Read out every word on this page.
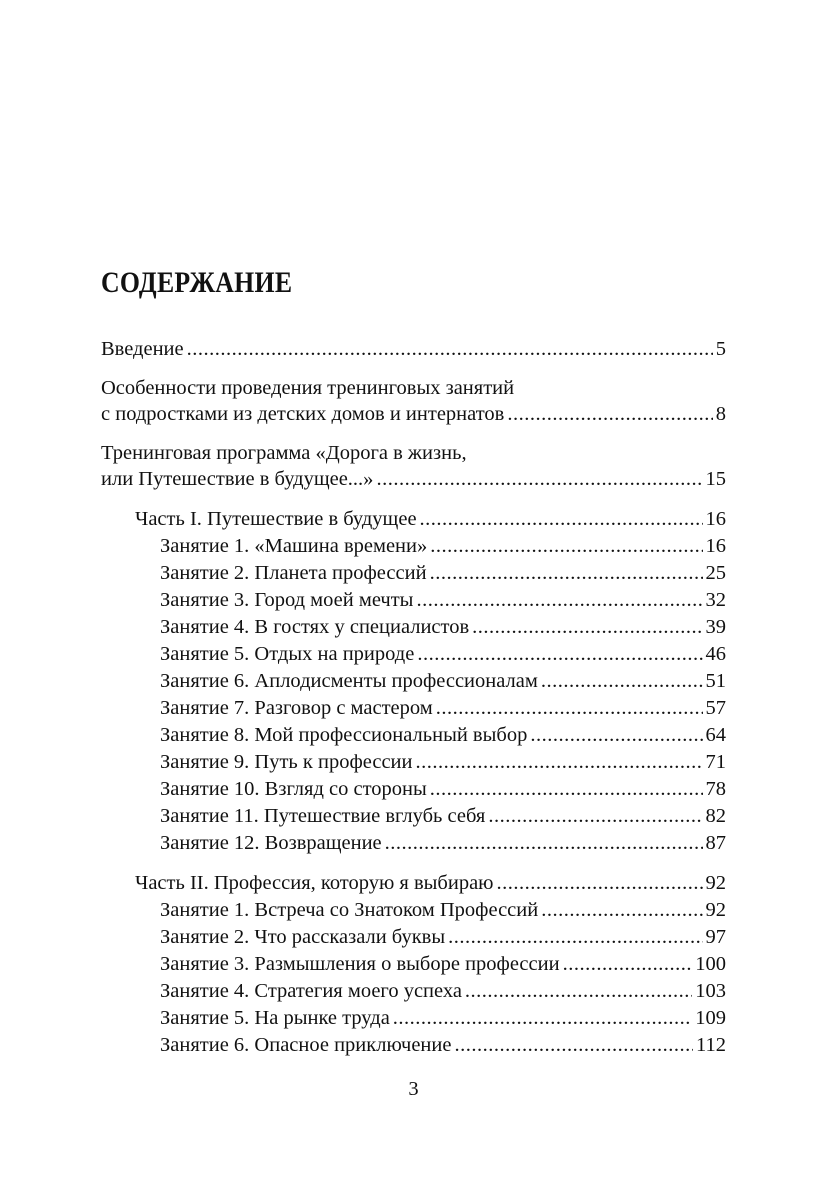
СОДЕРЖАНИЕ
Введение .....	5
Особенности проведения тренинговых занятий
с подростками из детских домов и интернатов .....	8
Тренинговая программа «Дорога в жизнь,
или Путешествие в будущее...» .....	15
Часть I. Путешествие в будущее .....	16
Занятие 1. «Машина времени» .....	16
Занятие 2. Планета профессий .....	25
Занятие 3. Город моей мечты .....	32
Занятие 4. В гостях у специалистов .....	39
Занятие 5. Отдых на природе .....	46
Занятие 6. Аплодисменты профессионалам .....	51
Занятие 7. Разговор с мастером .....	57
Занятие 8. Мой профессиональный выбор .....	64
Занятие 9. Путь к профессии .....	71
Занятие 10. Взгляд со стороны .....	78
Занятие 11. Путешествие вглубь себя .....	82
Занятие 12. Возвращение .....	87
Часть II. Профессия, которую я выбираю .....	92
Занятие 1. Встреча со Знатоком Профессий .....	92
Занятие 2. Что рассказали буквы .....	97
Занятие 3. Размышления о выборе профессии .....	100
Занятие 4. Стратегия моего успеха .....	103
Занятие 5. На рынке труда .....	109
Занятие 6. Опасное приключение .....	112
3
